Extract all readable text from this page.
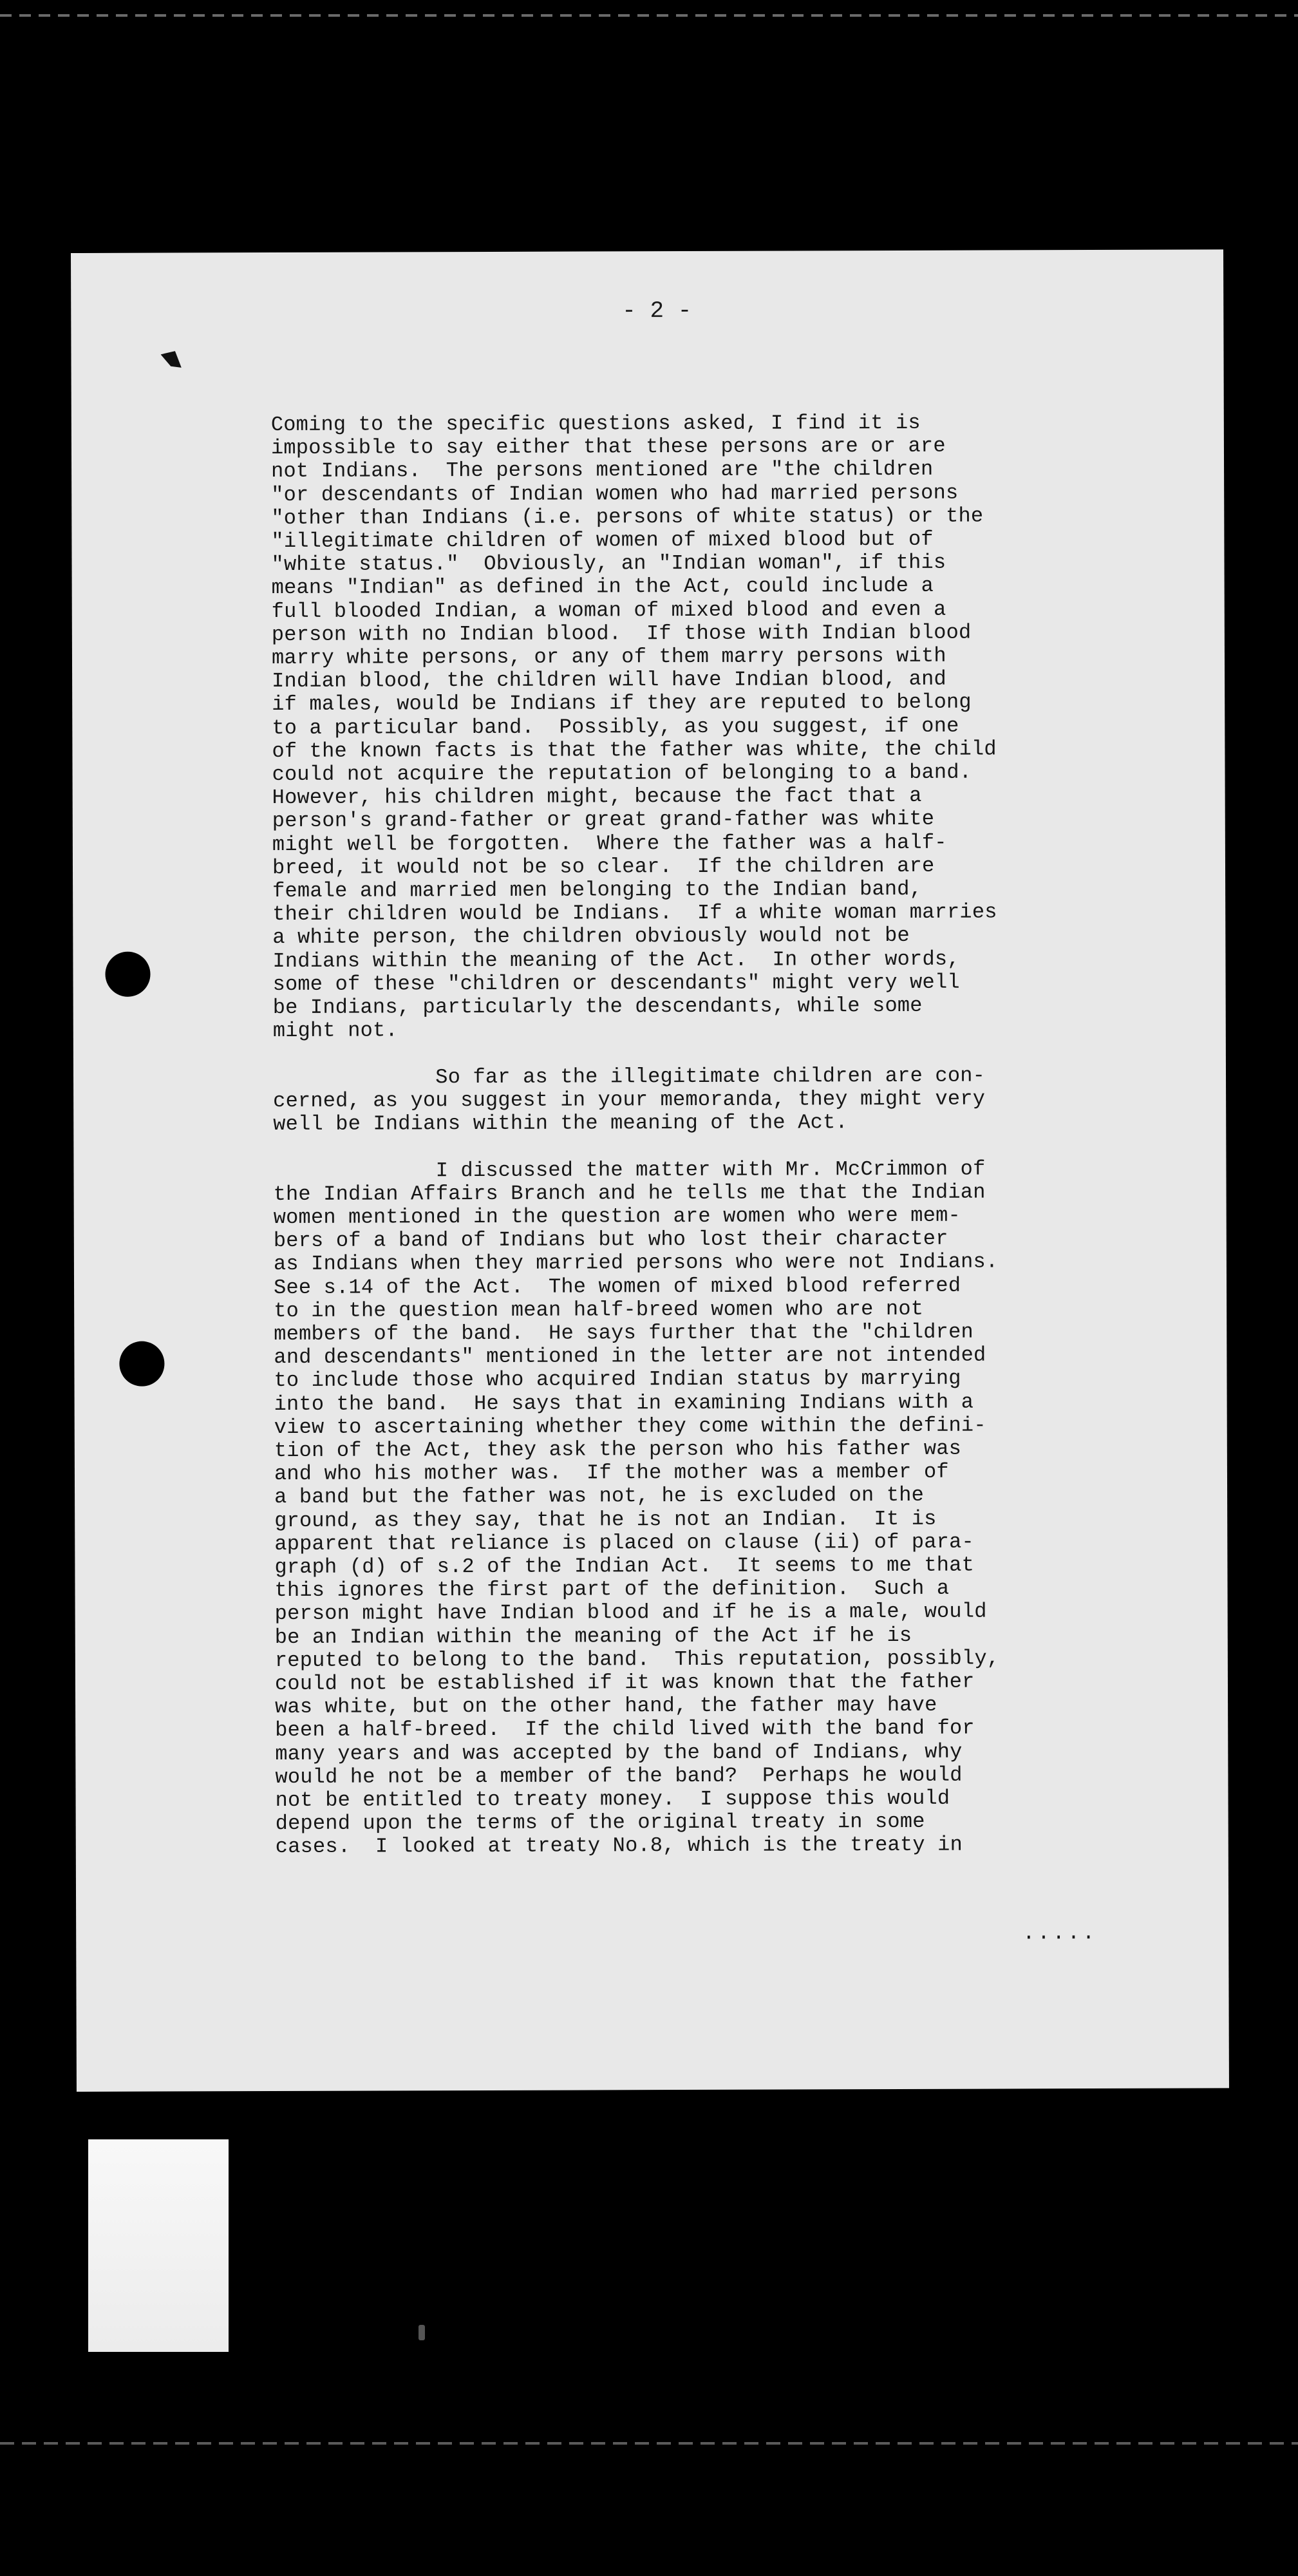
- 2 -
Coming to the specific questions asked, I find it is
impossible to say either that these persons are or are
not Indians.  The persons mentioned are "the children
"or descendants of Indian women who had married persons
"other than Indians (i.e. persons of white status) or the
"illegitimate children of women of mixed blood but of
"white status."  Obviously, an "Indian woman", if this
means "Indian" as defined in the Act, could include a
full blooded Indian, a woman of mixed blood and even a
person with no Indian blood.  If those with Indian blood
marry white persons, or any of them marry persons with
Indian blood, the children will have Indian blood, and
if males, would be Indians if they are reputed to belong
to a particular band.  Possibly, as you suggest, if one
of the known facts is that the father was white, the child
could not acquire the reputation of belonging to a band.
However, his children might, because the fact that a
person's grand-father or great grand-father was white
might well be forgotten.  Where the father was a half-
breed, it would not be so clear.  If the children are
female and married men belonging to the Indian band,
their children would be Indians.  If a white woman marries
a white person, the children obviously would not be
Indians within the meaning of the Act.  In other words,
some of these "children or descendants" might very well
be Indians, particularly the descendants, while some
might not.

So far as the illegitimate children are con-
cerned, as you suggest in your memoranda, they might very
well be Indians within the meaning of the Act.

I discussed the matter with Mr. McCrimmon of
the Indian Affairs Branch and he tells me that the Indian
women mentioned in the question are women who were mem-
bers of a band of Indians but who lost their character
as Indians when they married persons who were not Indians.
See s.14 of the Act.  The women of mixed blood referred
to in the question mean half-breed women who are not
members of the band.  He says further that the "children
and descendants" mentioned in the letter are not intended
to include those who acquired Indian status by marrying
into the band.  He says that in examining Indians with a
view to ascertaining whether they come within the defini-
tion of the Act, they ask the person who his father was
and who his mother was.  If the mother was a member of
a band but the father was not, he is excluded on the
ground, as they say, that he is not an Indian.  It is
apparent that reliance is placed on clause (ii) of para-
graph (d) of s.2 of the Indian Act.  It seems to me that
this ignores the first part of the definition.  Such a
person might have Indian blood and if he is a male, would
be an Indian within the meaning of the Act if he is
reputed to belong to the band.  This reputation, possibly,
could not be established if it was known that the father
was white, but on the other hand, the father may have
been a half-breed.  If the child lived with the band for
many years and was accepted by the band of Indians, why
would he not be a member of the band?  Perhaps he would
not be entitled to treaty money.  I suppose this would
depend upon the terms of the original treaty in some
cases.  I looked at treaty No.8, which is the treaty in
.....
